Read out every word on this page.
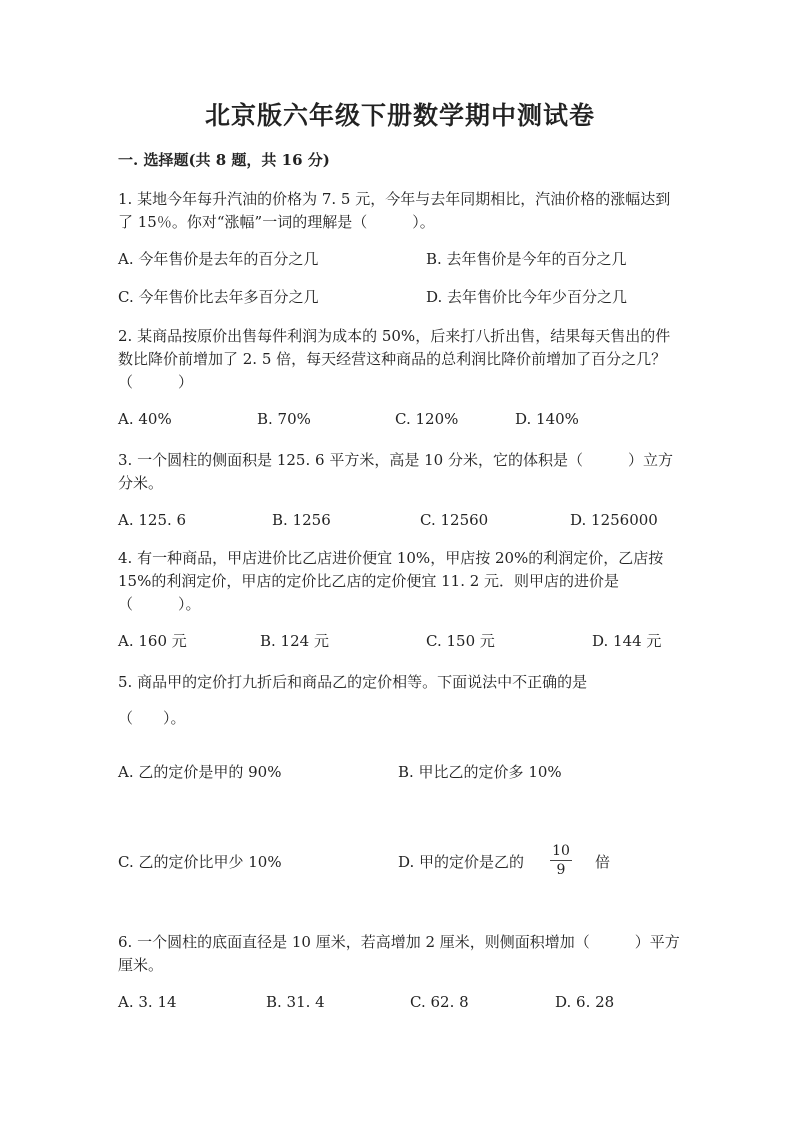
北京版六年级下册数学期中测试卷
一. 选择题(共 8 题，共 16 分)
1. 某地今年每升汽油的价格为 7. 5 元，今年与去年同期相比，汽油价格的涨幅达到了 15％。你对“涨幅”一词的理解是（　　　）。
A. 今年售价是去年的百分之几	B. 去年售价是今年的百分之几
C. 今年售价比去年多百分之几	D. 去年售价比今年少百分之几
2. 某商品按原价出售每件利润为成本的 50%，后来打八折出售，结果每天售出的件数比降价前增加了 2. 5 倍，每天经营这种商品的总利润比降价前增加了百分之几？（　　　）
A. 40%	B. 70%	C. 120%	D. 140%
3. 一个圆柱的侧面积是 125. 6 平方米，高是 10 分米，它的体积是（　　　）立方分米。
A. 125. 6	B. 1256	C. 12560	D. 1256000
4. 有一种商品，甲店进价比乙店进价便宜 10%，甲店按 20%的利润定价，乙店按 15%的利润定价，甲店的定价比乙店的定价便宜 11. 2 元．则甲店的进价是（　　　）。
A. 160 元	B. 124 元	C. 150 元	D. 144 元
5. 商品甲的定价打九折后和商品乙的定价相等。下面说法中不正确的是
（　　）。
A. 乙的定价是甲的 90%	B. 甲比乙的定价多 10%
C. 乙的定价比甲少 10%	D. 甲的定价是乙的
10
9	倍
6. 一个圆柱的底面直径是 10 厘米，若高增加 2 厘米，则侧面积增加（　　　）平方厘米。
A. 3. 14	B. 31. 4	C. 62. 8	D. 6. 28
